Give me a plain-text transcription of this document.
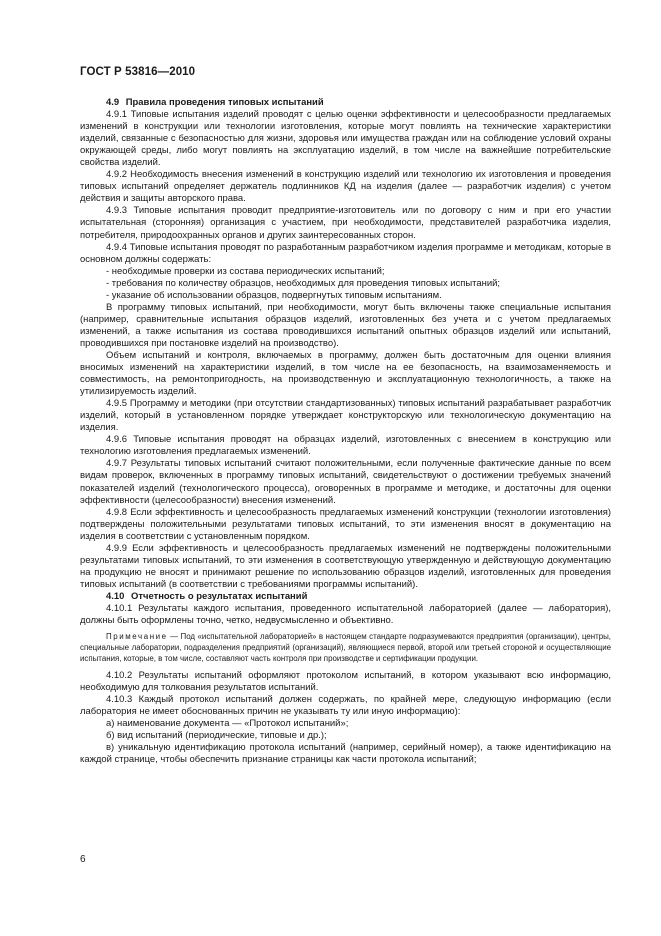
ГОСТ Р 53816—2010

4.9 Правила проведения типовых испытаний

4.9.1 Типовые испытания изделий проводят с целью оценки эффективности и целесообразности предлагаемых изменений в конструкции или технологии изготовления, которые могут повлиять на технические характеристики изделий, связанные с безопасностью для жизни, здоровья или имущества граждан или на соблюдение условий охраны окружающей среды, либо могут повлиять на эксплуатацию изделий, в том числе на важнейшие потребительские свойства изделий.

4.9.2 Необходимость внесения изменений в конструкцию изделий или технологию их изготовления и проведения типовых испытаний определяет держатель подлинников КД на изделия (далее — разработчик изделия) с учетом действия и защиты авторского права.

4.9.3 Типовые испытания проводит предприятие-изготовитель или по договору с ним и при его участии испытательная (сторонняя) организация с участием, при необходимости, представителей разработчика изделия, потребителя, природоохранных органов и других заинтересованных сторон.

4.9.4 Типовые испытания проводят по разработанным разработчиком изделия программе и методикам, которые в основном должны содержать:

- необходимые проверки из состава периодических испытаний;

- требования по количеству образцов, необходимых для проведения типовых испытаний;

- указание об использовании образцов, подвергнутых типовым испытаниям.

В программу типовых испытаний, при необходимости, могут быть включены также специальные испытания (например, сравнительные испытания образцов изделий, изготовленных без учета и с учетом предлагаемых изменений, а также испытания из состава проводившихся испытаний опытных образцов изделий или испытаний, проводившихся при постановке изделий на производство).

Объем испытаний и контроля, включаемых в программу, должен быть достаточным для оценки влияния вносимых изменений на характеристики изделий, в том числе на ее безопасность, на взаимозаменяемость и совместимость, на ремонтопригодность, на производственную и эксплуатационную технологичность, а также на утилизируемость изделий.

4.9.5 Программу и методики (при отсутствии стандартизованных) типовых испытаний разрабатывает разработчик изделий, который в установленном порядке утверждает конструкторскую или технологическую документацию на изделия.

4.9.6 Типовые испытания проводят на образцах изделий, изготовленных с внесением в конструкцию или технологию изготовления предлагаемых изменений.

4.9.7 Результаты типовых испытаний считают положительными, если полученные фактические данные по всем видам проверок, включенных в программу типовых испытаний, свидетельствуют о достижении требуемых значений показателей изделий (технологического процесса), оговоренных в программе и методике, и достаточны для оценки эффективности (целесообразности) внесения изменений.

4.9.8 Если эффективность и целесообразность предлагаемых изменений конструкции (технологии изготовления) подтверждены положительными результатами типовых испытаний, то эти изменения вносят в документацию на изделия в соответствии с установленным порядком.

4.9.9 Если эффективность и целесообразность предлагаемых изменений не подтверждены положительными результатами типовых испытаний, то эти изменения в соответствующую утвержденную и действующую документацию на продукцию не вносят и принимают решение по использованию образцов изделий, изготовленных для проведения типовых испытаний (в соответствии с требованиями программы испытаний).

4.10 Отчетность о результатах испытаний

4.10.1 Результаты каждого испытания, проведенного испытательной лабораторией (далее — лаборатория), должны быть оформлены точно, четко, недвусмысленно и объективно.

Примечание — Под «испытательной лабораторией» в настоящем стандарте подразумеваются предприятия (организации), центры, специальные лаборатории, подразделения предприятий (организаций), являющиеся первой, второй или третьей стороной и осуществляющие испытания, которые, в том числе, составляют часть контроля при производстве и сертификации продукции.

4.10.2 Результаты испытаний оформляют протоколом испытаний, в котором указывают всю информацию, необходимую для толкования результатов испытаний.

4.10.3 Каждый протокол испытаний должен содержать, по крайней мере, следующую информацию (если лаборатория не имеет обоснованных причин не указывать ту или иную информацию):

а) наименование документа — «Протокол испытаний»;

б) вид испытаний (периодические, типовые и др.);

в) уникальную идентификацию протокола испытаний (например, серийный номер), а также идентификацию на каждой странице, чтобы обеспечить признание страницы как части протокола испытаний;

6
